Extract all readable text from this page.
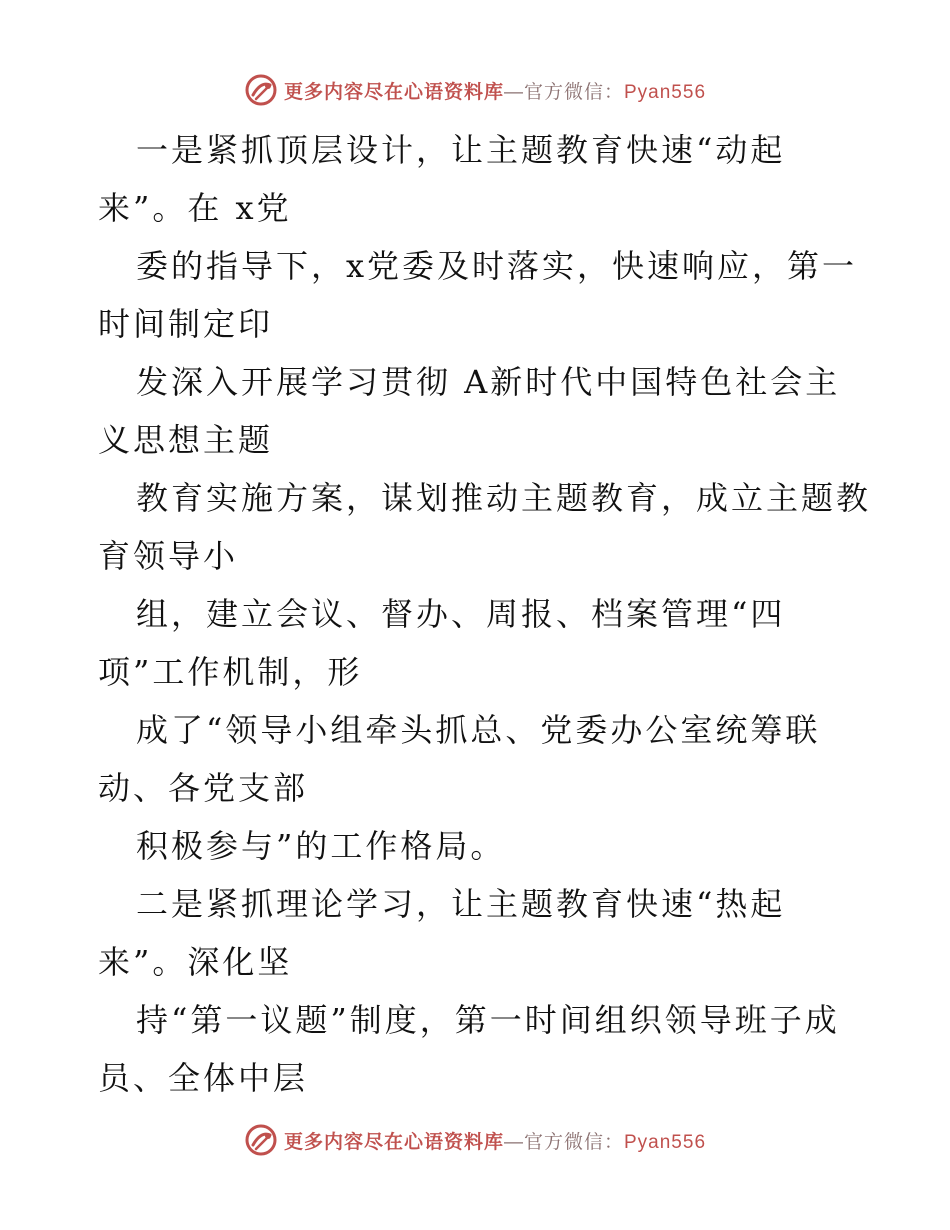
更多内容尽在心语资料库—官方微信：Pyan556
一是紧抓顶层设计，让主题教育快速“动起
来”。在 x党
委的指导下，x党委及时落实，快速响应，第一
时间制定印
发深入开展学习贯彻 A新时代中国特色社会主
义思想主题
教育实施方案，谋划推动主题教育，成立主题教
育领导小
组，建立会议、督办、周报、档案管理“四
项”工作机制，形
成了“领导小组牵头抓总、党委办公室统筹联
动、各党支部
积极参与”的工作格局。
二是紧抓理论学习，让主题教育快速“热起
来”。深化坚
持“第一议题”制度，第一时间组织领导班子成
员、全体中层
更多内容尽在心语资料库—官方微信：Pyan556
